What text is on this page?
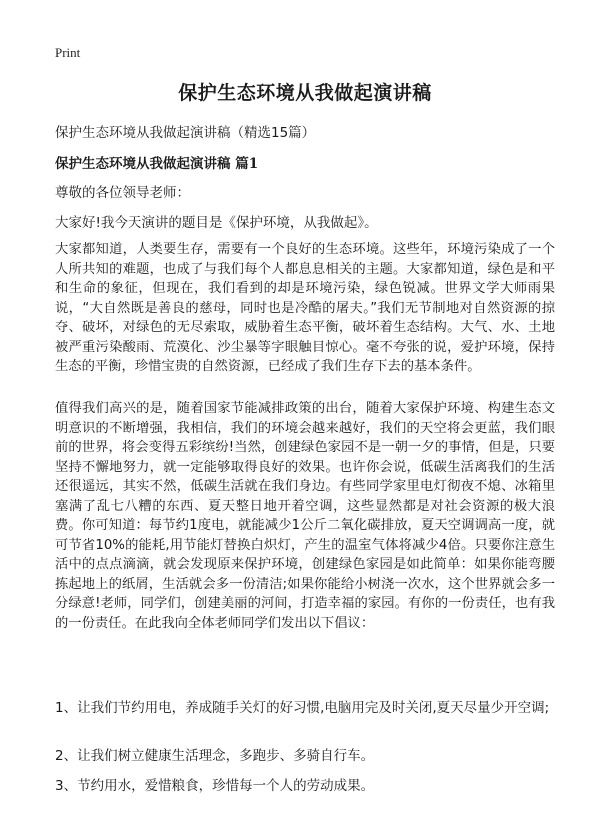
Print
保护生态环境从我做起演讲稿
保护生态环境从我做起演讲稿（精选15篇）
保护生态环境从我做起演讲稿 篇1
尊敬的各位领导老师：
大家好!我今天演讲的题目是《保护环境，从我做起》。

大家都知道，人类要生存，需要有一个良好的生态环境。这些年，环境污染成了一个人所共知的难题，也成了与我们每个人都息息相关的主题。大家都知道，绿色是和平和生命的象征，但现在，我们看到的却是环境污染，绿色锐减。世界文学大师雨果说，“大自然既是善良的慈母，同时也是冷酷的屠夫。”我们无节制地对自然资源的掠夺、破坏，对绿色的无尽索取，威胁着生态平衡，破坏着生态结构。大气、水、土地被严重污染酸雨、荒漠化、沙尘暴等字眼触目惊心。毫不夸张的说，爱护环境，保持生态的平衡，珍惜宝贵的自然资源，已经成了我们生存下去的基本条件。

值得我们高兴的是，随着国家节能减排政策的出台，随着大家保护环境、构建生态文明意识的不断增强，我相信，我们的环境会越来越好，我们的天空将会更蓝，我们眼前的世界，将会变得五彩缤纷!当然，创建绿色家园不是一朝一夕的事情，但是，只要坚持不懈地努力，就一定能够取得良好的效果。也许你会说，低碳生活离我们的生活还很遥远，其实不然，低碳生活就在我们身边。有些同学家里电灯彻夜不熄、冰箱里塞满了乱七八糟的东西、夏天整日地开着空调，这些显然都是对社会资源的极大浪费。你可知道：每节约1度电，就能减少1公斤二氧化碳排放，夏天空调调高一度，就可节省10%的能耗,用节能灯替换白炽灯，产生的温室气体将减少4倍。只要你注意生活中的点点滴滴，就会发现原来保护环境，创建绿色家园是如此简单：如果你能弯腰拣起地上的纸屑，生活就会多一份清洁;如果你能给小树浇一次水，这个世界就会多一分绿意!老师，同学们，创建美丽的河间，打造幸福的家园。有你的一份责任，也有我的一份责任。在此我向全体老师同学们发出以下倡议：

1、让我们节约用电，养成随手关灯的好习惯,电脑用完及时关闭,夏天尽量少开空调;
2、让我们树立健康生活理念，多跑步、多骑自行车。
3、节约用水，爱惜粮食，珍惜每一个人的劳动成果。
